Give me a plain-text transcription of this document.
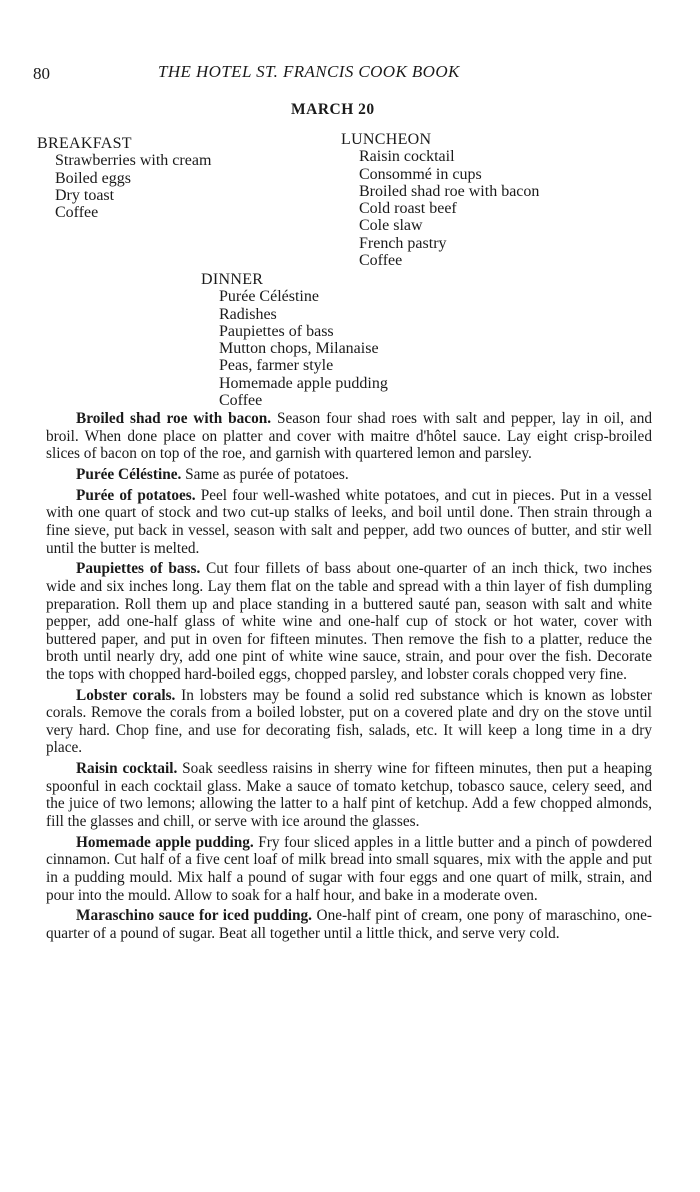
80	THE HOTEL ST. FRANCIS COOK BOOK
MARCH 20
BREAKFAST
Strawberries with cream
Boiled eggs
Dry toast
Coffee
LUNCHEON
Raisin cocktail
Consommé in cups
Broiled shad roe with bacon
Cold roast beef
Cole slaw
French pastry
Coffee
DINNER
Purée Céléstine
Radishes
Paupiettes of bass
Mutton chops, Milanaise
Peas, farmer style
Homemade apple pudding
Coffee

Broiled shad roe with bacon. Season four shad roes with salt and pepper, lay in oil, and broil. When done place on platter and cover with maitre d'hôtel sauce. Lay eight crisp-broiled slices of bacon on top of the roe, and garnish with quartered lemon and parsley.

Purée Céléstine. Same as purée of potatoes.

Purée of potatoes. Peel four well-washed white potatoes, and cut in pieces. Put in a vessel with one quart of stock and two cut-up stalks of leeks, and boil until done. Then strain through a fine sieve, put back in vessel, season with salt and pepper, add two ounces of butter, and stir well until the butter is melted.

Paupiettes of bass. Cut four fillets of bass about one-quarter of an inch thick, two inches wide and six inches long. Lay them flat on the table and spread with a thin layer of fish dumpling preparation. Roll them up and place standing in a buttered sauté pan, season with salt and white pepper, add one-half glass of white wine and one-half cup of stock or hot water, cover with buttered paper, and put in oven for fifteen minutes. Then remove the fish to a platter, reduce the broth until nearly dry, add one pint of white wine sauce, strain, and pour over the fish. Decorate the tops with chopped hard-boiled eggs, chopped parsley, and lobster corals chopped very fine.

Lobster corals. In lobsters may be found a solid red substance which is known as lobster corals. Remove the corals from a boiled lobster, put on a covered plate and dry on the stove until very hard. Chop fine, and use for decorating fish, salads, etc. It will keep a long time in a dry place.

Raisin cocktail. Soak seedless raisins in sherry wine for fifteen minutes, then put a heaping spoonful in each cocktail glass. Make a sauce of tomato ketchup, tobasco sauce, celery seed, and the juice of two lemons; allowing the latter to a half pint of ketchup. Add a few chopped almonds, fill the glasses and chill, or serve with ice around the glasses.

Homemade apple pudding. Fry four sliced apples in a little butter and a pinch of powdered cinnamon. Cut half of a five cent loaf of milk bread into small squares, mix with the apple and put in a pudding mould. Mix half a pound of sugar with four eggs and one quart of milk, strain, and pour into the mould. Allow to soak for a half hour, and bake in a moderate oven.

Maraschino sauce for iced pudding. One-half pint of cream, one pony of maraschino, one-quarter of a pound of sugar. Beat all together until a little thick, and serve very cold.
